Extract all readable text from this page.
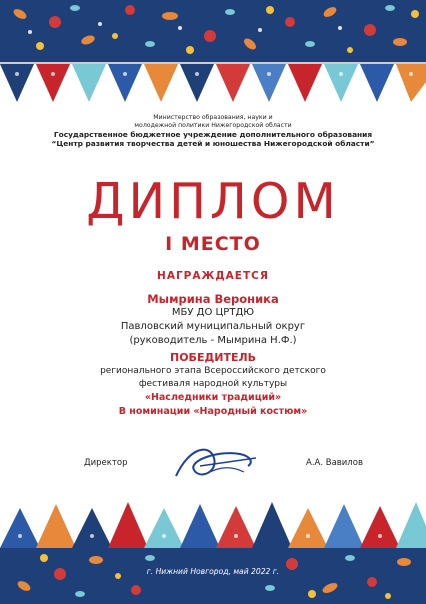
Министерство образования, науки и
молодежной политики Нижегородской области
Государственное бюджетное учреждение дополнительного образования
“Центр развития творчества детей и юношества Нижегородской области”
ДИПЛОМ
I МЕСТО
НАГРАЖДАЕТСЯ
Мымрина Вероника
МБУ ДО ЦРТДЮ
Павловский муниципальный округ
(руководитель - Мымрина Н.Ф.)
ПОБЕДИТЕЛЬ
регионального этапа Всероссийского детского
фестиваля народной культуры
«Наследники традиций»
В номинации «Народный костюм»
Директор	А.А. Вавилов
г. Нижний Новгород, май 2022 г.
